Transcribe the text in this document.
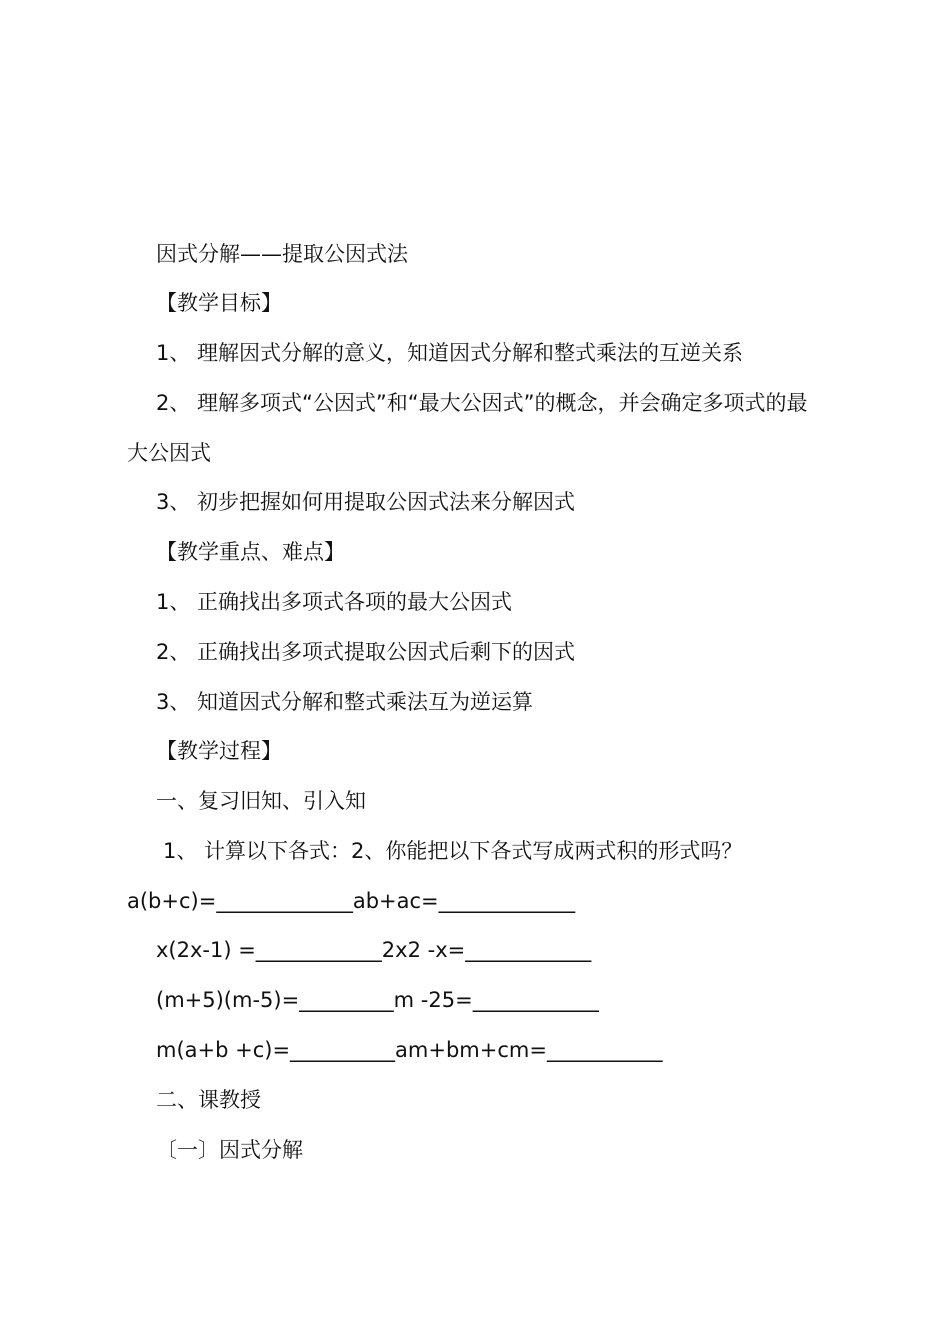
因式分解——提取公因式法
【教学目标】
1、 理解因式分解的意义，知道因式分解和整式乘法的互逆关系
2、 理解多项式“公因式”和“最大公因式”的概念，并会确定多项式的最
大公因式
3、 初步把握如何用提取公因式法来分解因式
【教学重点、难点】
1、 正确找出多项式各项的最大公因式
2、 正确找出多项式提取公因式后剩下的因式
3、 知道因式分解和整式乘法互为逆运算
【教学过程】
一、复习旧知、引入知
1、 计算以下各式：2、你能把以下各式写成两式积的形式吗？
a(b+c)=_____________ab+ac=_____________
x(2x-1) =____________2x2 -x=____________
(m+5)(m-5)=_________m -25=____________
m(a+b +c)=__________am+bm+cm=___________
二、课教授
〔一〕因式分解
